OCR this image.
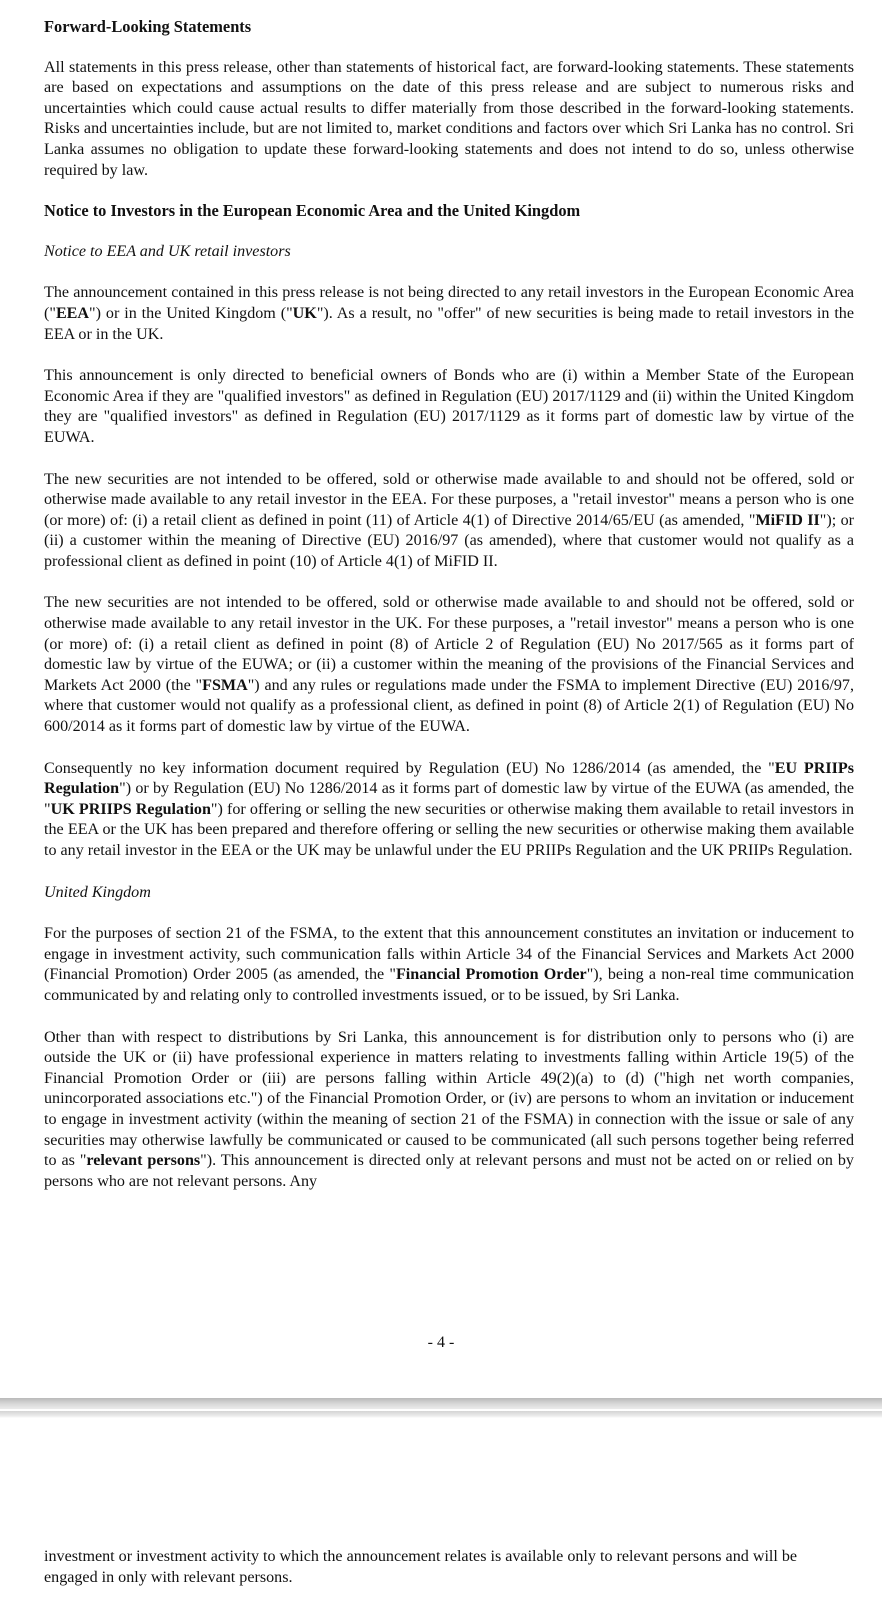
Forward-Looking Statements

All statements in this press release, other than statements of historical fact, are forward-looking statements. These statements are based on expectations and assumptions on the date of this press release and are subject to numerous risks and uncertainties which could cause actual results to differ materially from those described in the forward-looking statements. Risks and uncertainties include, but are not limited to, market conditions and factors over which Sri Lanka has no control. Sri Lanka assumes no obligation to update these forward-looking statements and does not intend to do so, unless otherwise required by law.

Notice to Investors in the European Economic Area and the United Kingdom

Notice to EEA and UK retail investors

The announcement contained in this press release is not being directed to any retail investors in the European Economic Area ("EEA") or in the United Kingdom ("UK"). As a result, no "offer" of new securities is being made to retail investors in the EEA or in the UK.

This announcement is only directed to beneficial owners of Bonds who are (i) within a Member State of the European Economic Area if they are "qualified investors" as defined in Regulation (EU) 2017/1129 and (ii) within the United Kingdom they are "qualified investors" as defined in Regulation (EU) 2017/1129 as it forms part of domestic law by virtue of the EUWA.

The new securities are not intended to be offered, sold or otherwise made available to and should not be offered, sold or otherwise made available to any retail investor in the EEA. For these purposes, a "retail investor" means a person who is one (or more) of: (i) a retail client as defined in point (11) of Article 4(1) of Directive 2014/65/EU (as amended, "MiFID II"); or (ii) a customer within the meaning of Directive (EU) 2016/97 (as amended), where that customer would not qualify as a professional client as defined in point (10) of Article 4(1) of MiFID II.

The new securities are not intended to be offered, sold or otherwise made available to and should not be offered, sold or otherwise made available to any retail investor in the UK. For these purposes, a "retail investor" means a person who is one (or more) of: (i) a retail client as defined in point (8) of Article 2 of Regulation (EU) No 2017/565 as it forms part of domestic law by virtue of the EUWA; or (ii) a customer within the meaning of the provisions of the Financial Services and Markets Act 2000 (the "FSMA") and any rules or regulations made under the FSMA to implement Directive (EU) 2016/97, where that customer would not qualify as a professional client, as defined in point (8) of Article 2(1) of Regulation (EU) No 600/2014 as it forms part of domestic law by virtue of the EUWA.

Consequently no key information document required by Regulation (EU) No 1286/2014 (as amended, the "EU PRIIPs Regulation") or by Regulation (EU) No 1286/2014 as it forms part of domestic law by virtue of the EUWA (as amended, the "UK PRIIPS Regulation") for offering or selling the new securities or otherwise making them available to retail investors in the EEA or the UK has been prepared and therefore offering or selling the new securities or otherwise making them available to any retail investor in the EEA or the UK may be unlawful under the EU PRIIPs Regulation and the UK PRIIPs Regulation.

United Kingdom

For the purposes of section 21 of the FSMA, to the extent that this announcement constitutes an invitation or inducement to engage in investment activity, such communication falls within Article 34 of the Financial Services and Markets Act 2000 (Financial Promotion) Order 2005 (as amended, the "Financial Promotion Order"), being a non-real time communication communicated by and relating only to controlled investments issued, or to be issued, by Sri Lanka.

Other than with respect to distributions by Sri Lanka, this announcement is for distribution only to persons who (i) are outside the UK or (ii) have professional experience in matters relating to investments falling within Article 19(5) of the Financial Promotion Order or (iii) are persons falling within Article 49(2)(a) to (d) ("high net worth companies, unincorporated associations etc.") of the Financial Promotion Order, or (iv) are persons to whom an invitation or inducement to engage in investment activity (within the meaning of section 21 of the FSMA) in connection with the issue or sale of any securities may otherwise lawfully be communicated or caused to be communicated (all such persons together being referred to as "relevant persons"). This announcement is directed only at relevant persons and must not be acted on or relied on by persons who are not relevant persons. Any

- 4 -

investment or investment activity to which the announcement relates is available only to relevant persons and will be engaged in only with relevant persons.
